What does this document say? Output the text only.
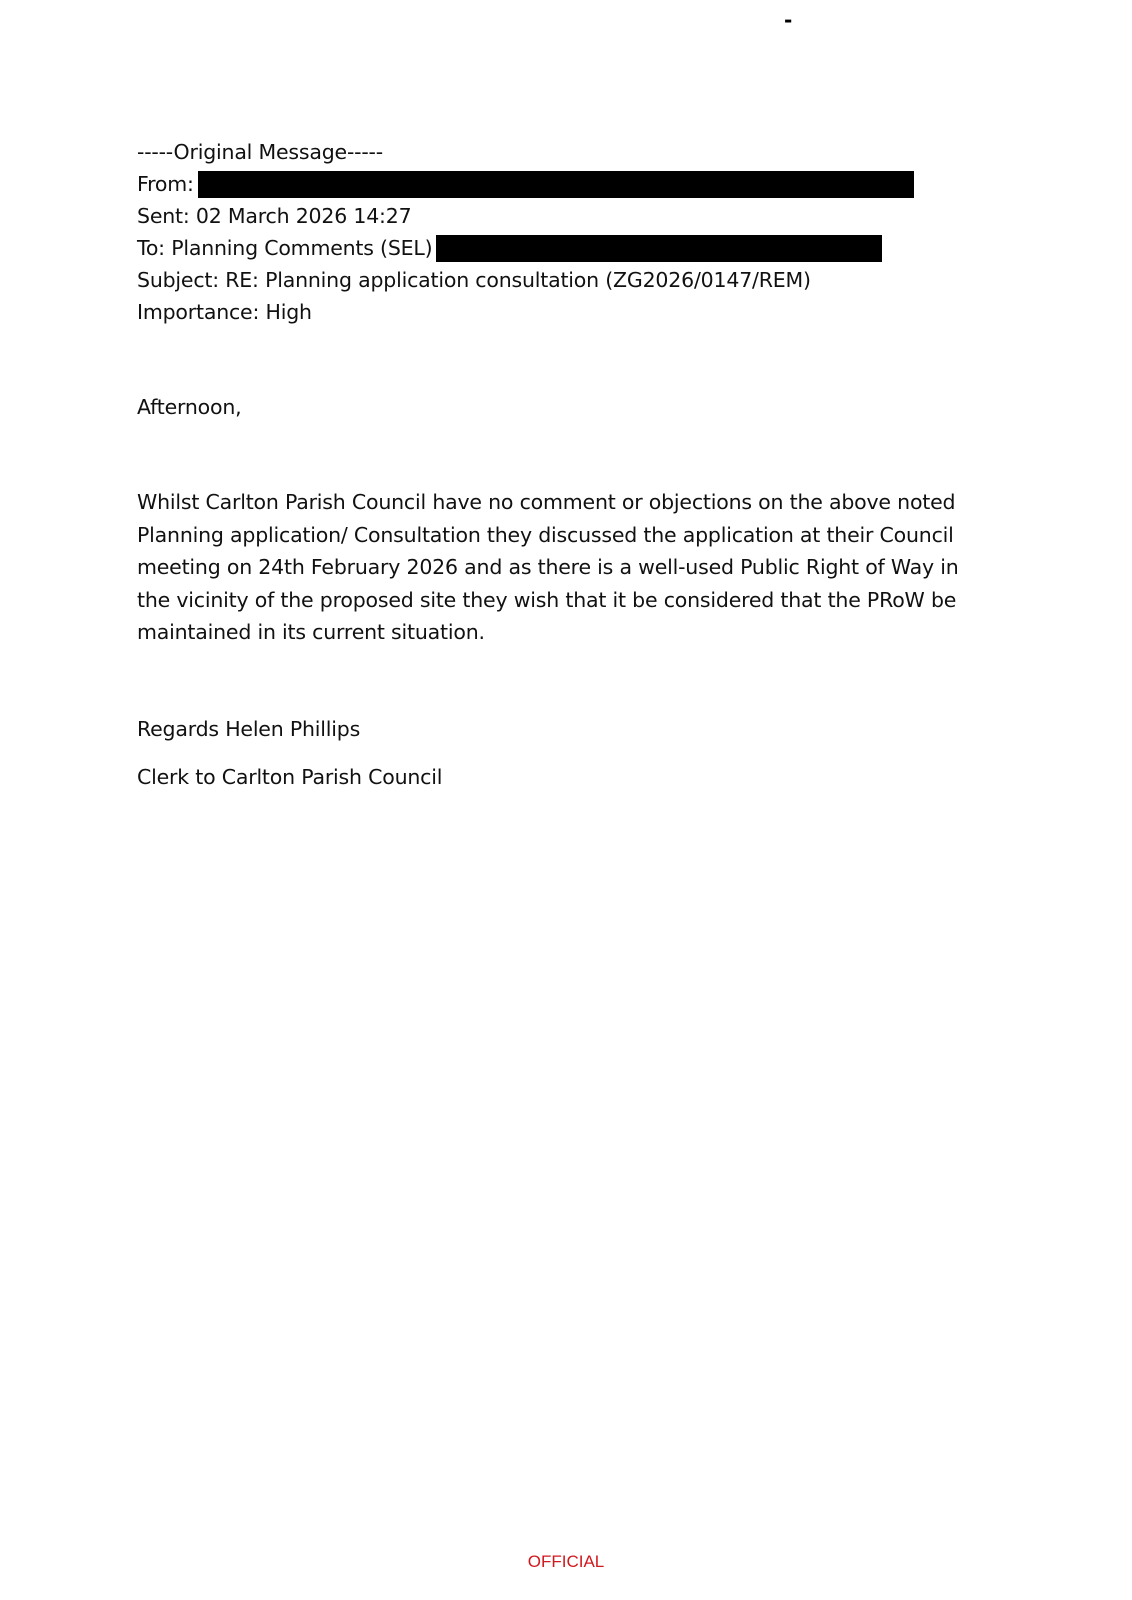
-
-----Original Message-----
From:
Sent: 02 March 2026 14:27
To: Planning Comments (SEL)
Subject: RE: Planning application consultation (ZG2026/0147/REM)
Importance: High
Afternoon,
Whilst Carlton Parish Council have no comment or objections on the above noted Planning application/ Consultation they discussed the application at their Council meeting on 24th February 2026 and as there is a well-used Public Right of Way in the vicinity of the proposed site they wish that it be considered that the PRoW be maintained in its current situation.
Regards Helen Phillips
Clerk to Carlton Parish Council
OFFICIAL
